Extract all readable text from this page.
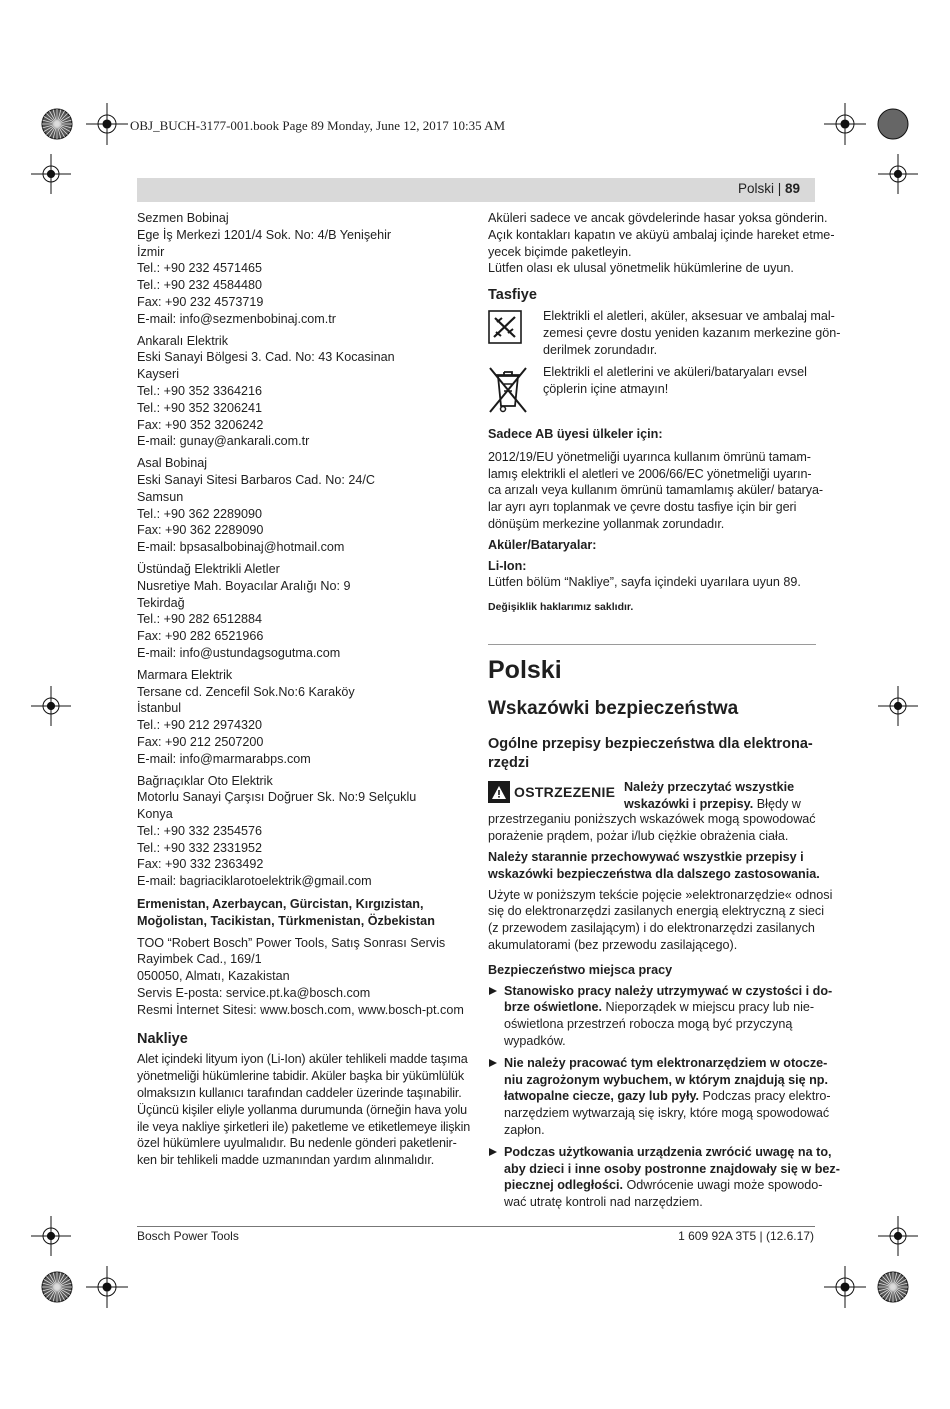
OBJ_BUCH-3177-001.book Page 89 Monday, June 12, 2017 10:35 AM
Polski | 89
Sezmen Bobinaj
Ege İş Merkezi 1201/4 Sok. No: 4/B Yenişehir
İzmir
Tel.: +90 232 4571465
Tel.: +90 232 4584480
Fax: +90 232 4573719
E-mail: info@sezmenbobinaj.com.tr
Ankaralı Elektrik
Eski Sanayi Bölgesi 3. Cad. No: 43 Kocasinan
Kayseri
Tel.: +90 352 3364216
Tel.: +90 352 3206241
Fax: +90 352 3206242
E-mail: gunay@ankarali.com.tr
Asal Bobinaj
Eski Sanayi Sitesi Barbaros Cad. No: 24/C
Samsun
Tel.: +90 362 2289090
Fax: +90 362 2289090
E-mail: bpsasalbobinaj@hotmail.com
Üstündağ Elektrikli Aletler
Nusretiye Mah. Boyacılar Aralığı No: 9
Tekirdağ
Tel.: +90 282 6512884
Fax: +90 282 6521966
E-mail: info@ustundagsogutma.com
Marmara Elektrik
Tersane cd. Zencefil Sok.No:6 Karaköy
İstanbul
Tel.: +90 212 2974320
Fax: +90 212 2507200
E-mail: info@marmarabps.com
Bağrıaçıklar Oto Elektrik
Motorlu Sanayi Çarşısı Doğruer Sk. No:9 Selçuklu
Konya
Tel.: +90 332 2354576
Tel.: +90 332 2331952
Fax: +90 332 2363492
E-mail: bagriaciklarotoelektrik@gmail.com
Ermenistan, Azerbaycan, Gürcistan, Kırgızistan,
Moğolistan, Tacikistan, Türkmenistan, Özbekistan
TOO “Robert Bosch” Power Tools, Satış Sonrası Servis
Rayimbek Cad., 169/1
050050, Almatı, Kazakistan
Servis E-posta: service.pt.ka@bosch.com
Resmi İnternet Sitesi: www.bosch.com, www.bosch-pt.com
Nakliye
Alet içindeki lityum iyon (Li-Ion) aküler tehlikeli madde taşıma
yönetmeliği hükümlerine tabidir. Aküler başka bir yükümlülük
olmaksızın kullanıcı tarafından caddeler üzerinde taşınabilir.
Üçüncü kişiler eliyle yollanma durumunda (örneğin hava yolu
ile veya nakliye şirketleri ile) paketleme ve etiketlemeye ilişkin
özel hükümlere uyulmalıdır. Bu nedenle gönderi paketlenir-
ken bir tehlikeli madde uzmanından yardım alınmalıdır.
Aküleri sadece ve ancak gövdelerinde hasar yoksa gönderin.
Açık kontakları kapatın ve aküyü ambalaj içinde hareket etme-
yecek biçimde paketleyin.
Lütfen olası ek ulusal yönetmelik hükümlerine de uyun.
Tasfiye
Elektrikli el aletleri, aküler, aksesuar ve ambalaj mal-
zemesi çevre dostu yeniden kazanım merkezine gön-
derilmek zorundadır.
Elektrikli el aletlerini ve aküleri/bataryaları evsel
çöplerin içine atmayın!
Sadece AB üyesi ülkeler için:
2012/19/EU yönetmeliği uyarınca kullanım ömrünü tamam-
lamış elektrikli el aletleri ve 2006/66/EC yönetmeliği uyarın-
ca arızalı veya kullanım ömrünü tamamlamış aküler/ batarya-
lar ayrı ayrı toplanmak ve çevre dostu tasfiye için bir geri
dönüşüm merkezine yollanmak zorundadır.
Aküler/Bataryalar:
Li-Ion:
Lütfen bölüm “Nakliye”, sayfa içindeki uyarılara uyun 89.
Değişiklik haklarımız saklıdır.
Polski
Wskazówki bezpieczeństwa
Ogólne przepisy bezpieczeństwa dla elektrona-
rzędzi
OSTRZEZENIE Należy przeczytać wszystkie
wskazówki i przepisy. Błędy w
przestrzeganiu poniższych wskazówek mogą spowodować
porażenie prądem, pożar i/lub ciężkie obrażenia ciała.
Należy starannie przechowywać wszystkie przepisy i
wskazówki bezpieczeństwa dla dalszego zastosowania.
Użyte w poniższym tekście pojęcie »elektronarzędzie« odnosi
się do elektronarzędzi zasilanych energią elektryczną z sieci
(z przewodem zasilającym) i do elektronarzędzi zasilanych
akumulatorami (bez przewodu zasilającego).
Bezpieczeństwo miejsca pracy
Stanowisko pracy należy utrzymywać w czystości i do-
brze oświetlone. Nieporządek w miejscu pracy lub nie-
oświetlona przestrzeń robocza mogą być przyczyną
wypadków.
Nie należy pracować tym elektronarzędziem w otocze-
niu zagrożonym wybuchem, w którym znajdują się np.
łatwopalne ciecze, gazy lub pyły. Podczas pracy elektro-
narzędziem wytwarzają się iskry, które mogą spowodować
zapłon.
Podczas użytkowania urządzenia zwrócić uwagę na to,
aby dzieci i inne osoby postronne znajdowały się w bez-
piecznej odległości. Odwrócenie uwagi może spowodo-
wać utratę kontroli nad narzędziem.
Bosch Power Tools	1 609 92A 3T5 | (12.6.17)
